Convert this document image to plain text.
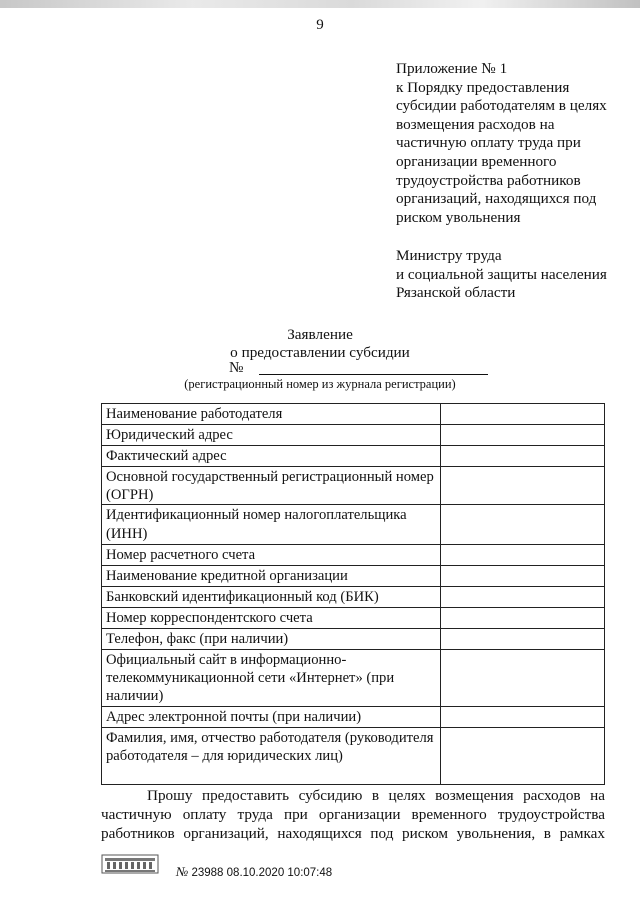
9
Приложение № 1
к Порядку предоставления
субсидии работодателям в целях
возмещения расходов на
частичную оплату труда при
организации временного
трудоустройства работников
организаций, находящихся под
риском увольнения
Министру труда
и социальной защиты населения
Рязанской области
Заявление
о предоставлении субсидии
№
(регистрационный номер из журнала регистрации)
Наименование работодателя	
Юридический адрес	
Фактический адрес	
Основной государственный регистрационный номер (ОГРН)	
Идентификационный номер налогоплательщика (ИНН)	
Номер расчетного счета	
Наименование кредитной организации	
Банковский идентификационный код (БИК)	
Номер корреспондентского счета	
Телефон, факс (при наличии)	
Официальный сайт в информационно-телекоммуникационной сети «Интернет» (при наличии)	
Адрес электронной почты (при наличии)	
Фамилия, имя, отчество работодателя (руководителя работодателя – для юридических лиц)	
Прошу предоставить субсидию в целях возмещения расходов на
частичную оплату труда при организации временного трудоустройства
работников организаций, находящихся под риском увольнения, в рамках
№ 23988 08.10.2020 10:07:48
